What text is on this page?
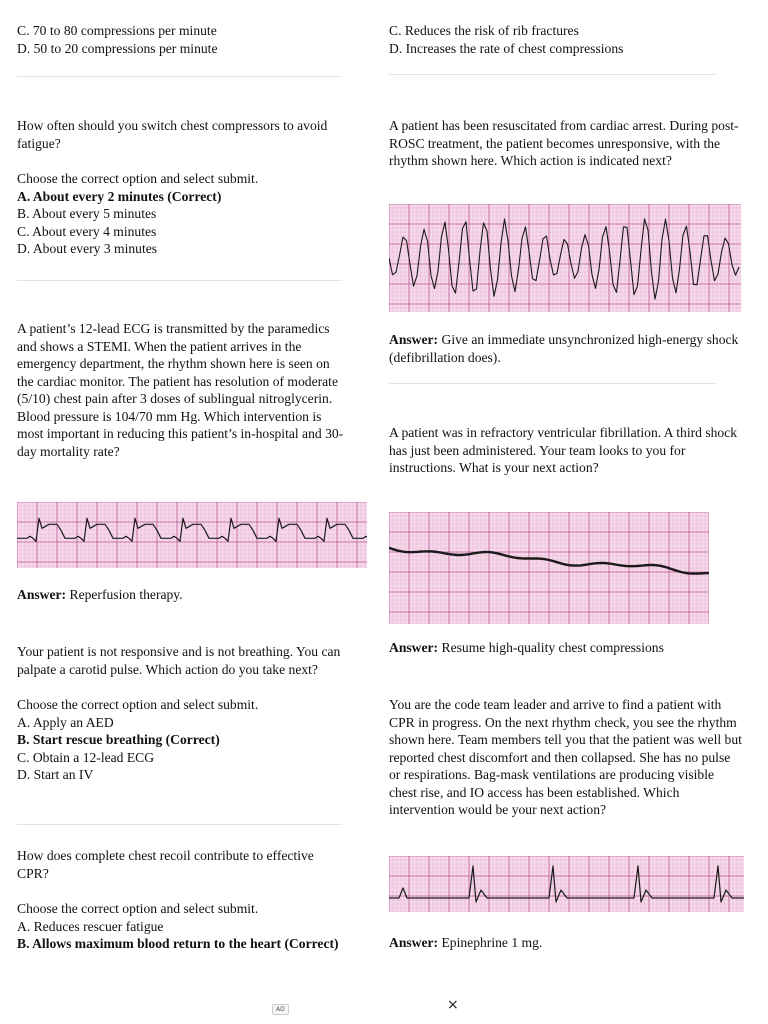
C. 70 to 80 compressions per minute

D. 50 to 20 compressions per minute

How often should you switch chest compressors to avoid fatigue?

Choose the correct option and select submit.

A. About every 2 minutes (Correct)

B. About every 5 minutes

C. About every 4 minutes

D. About every 3 minutes

A patient’s 12-lead ECG is transmitted by the paramedics and shows a STEMI. When the patient arrives in the emergency department, the rhythm shown here is seen on the cardiac monitor. The patient has resolution of moderate (5/10) chest pain after 3 doses of sublingual nitroglycerin. Blood pressure is 104/70 mm Hg. Which intervention is most important in reducing this patient’s in-hospital and 30-day mortality rate?

Answer: Reperfusion therapy.

Your patient is not responsive and is not breathing. You can palpate a carotid pulse. Which action do you take next?

Choose the correct option and select submit.

A. Apply an AED

B. Start rescue breathing (Correct)

C. Obtain a 12-lead ECG

D. Start an IV

How does complete chest recoil contribute to effective CPR?

Choose the correct option and select submit.

A. Reduces rescuer fatigue

B. Allows maximum blood return to the heart (Correct)

C. Reduces the risk of rib fractures

D. Increases the rate of chest compressions

A patient has been resuscitated from cardiac arrest. During post-ROSC treatment, the patient becomes unresponsive, with the rhythm shown here. Which action is indicated next?

Answer: Give an immediate unsynchronized high-energy shock (defibrillation does).

A patient was in refractory ventricular fibrillation. A third shock has just been administered. Your team looks to you for instructions. What is your next action?

Answer: Resume high-quality chest compressions

You are the code team leader and arrive to find a patient with CPR in progress. On the next rhythm check, you see the rhythm shown here. Team members tell you that the patient was well but reported chest discomfort and then collapsed. She has no pulse or respirations. Bag-mask ventilations are producing visible chest rise, and IO access has been established. Which intervention would be your next action?

Answer: Epinephrine 1 mg.

AD	×
